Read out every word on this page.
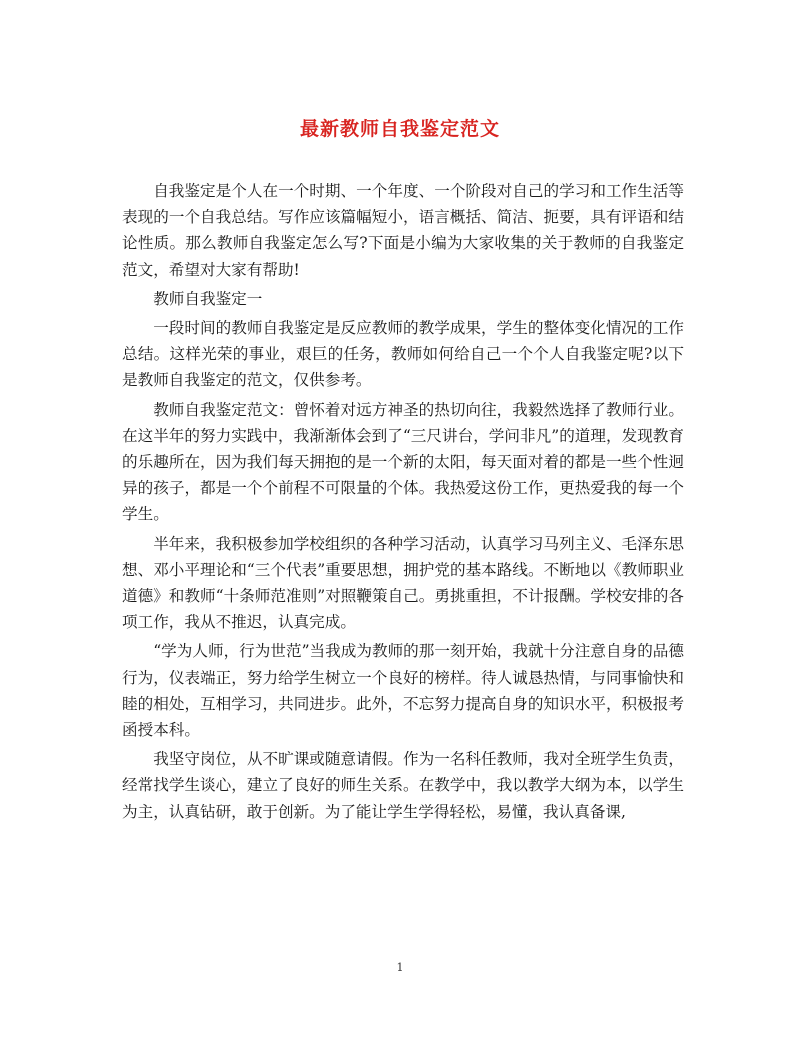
最新教师自我鉴定范文

自我鉴定是个人在一个时期、一个年度、一个阶段对自己的学习和工作生活等表现的一个自我总结。写作应该篇幅短小，语言概括、简洁、扼要，具有评语和结论性质。那么教师自我鉴定怎么写?下面是小编为大家收集的关于教师的自我鉴定范文，希望对大家有帮助!

教师自我鉴定一

一段时间的教师自我鉴定是反应教师的教学成果，学生的整体变化情况的工作总结。这样光荣的事业，艰巨的任务，教师如何给自己一个个人自我鉴定呢?以下是教师自我鉴定的范文，仅供参考。

教师自我鉴定范文：曾怀着对远方神圣的热切向往，我毅然选择了教师行业。在这半年的努力实践中，我渐渐体会到了“三尺讲台，学问非凡”的道理，发现教育的乐趣所在，因为我们每天拥抱的是一个新的太阳，每天面对着的都是一些个性迥异的孩子，都是一个个前程不可限量的个体。我热爱这份工作，更热爱我的每一个学生。

半年来，我积极参加学校组织的各种学习活动，认真学习马列主义、毛泽东思想、邓小平理论和“三个代表”重要思想，拥护党的基本路线。不断地以《教师职业道德》和教师“十条师范准则”对照鞭策自己。勇挑重担，不计报酬。学校安排的各项工作，我从不推迟，认真完成。

“学为人师，行为世范”当我成为教师的那一刻开始，我就十分注意自身的品德行为，仪表端正，努力给学生树立一个良好的榜样。待人诚恳热情，与同事愉快和睦的相处，互相学习，共同进步。此外，不忘努力提高自身的知识水平，积极报考函授本科。

我坚守岗位，从不旷课或随意请假。作为一名科任教师，我对全班学生负责，经常找学生谈心，建立了良好的师生关系。在教学中，我以教学大纲为本，以学生为主，认真钻研，敢于创新。为了能让学生学得轻松，易懂，我认真备课,

1
